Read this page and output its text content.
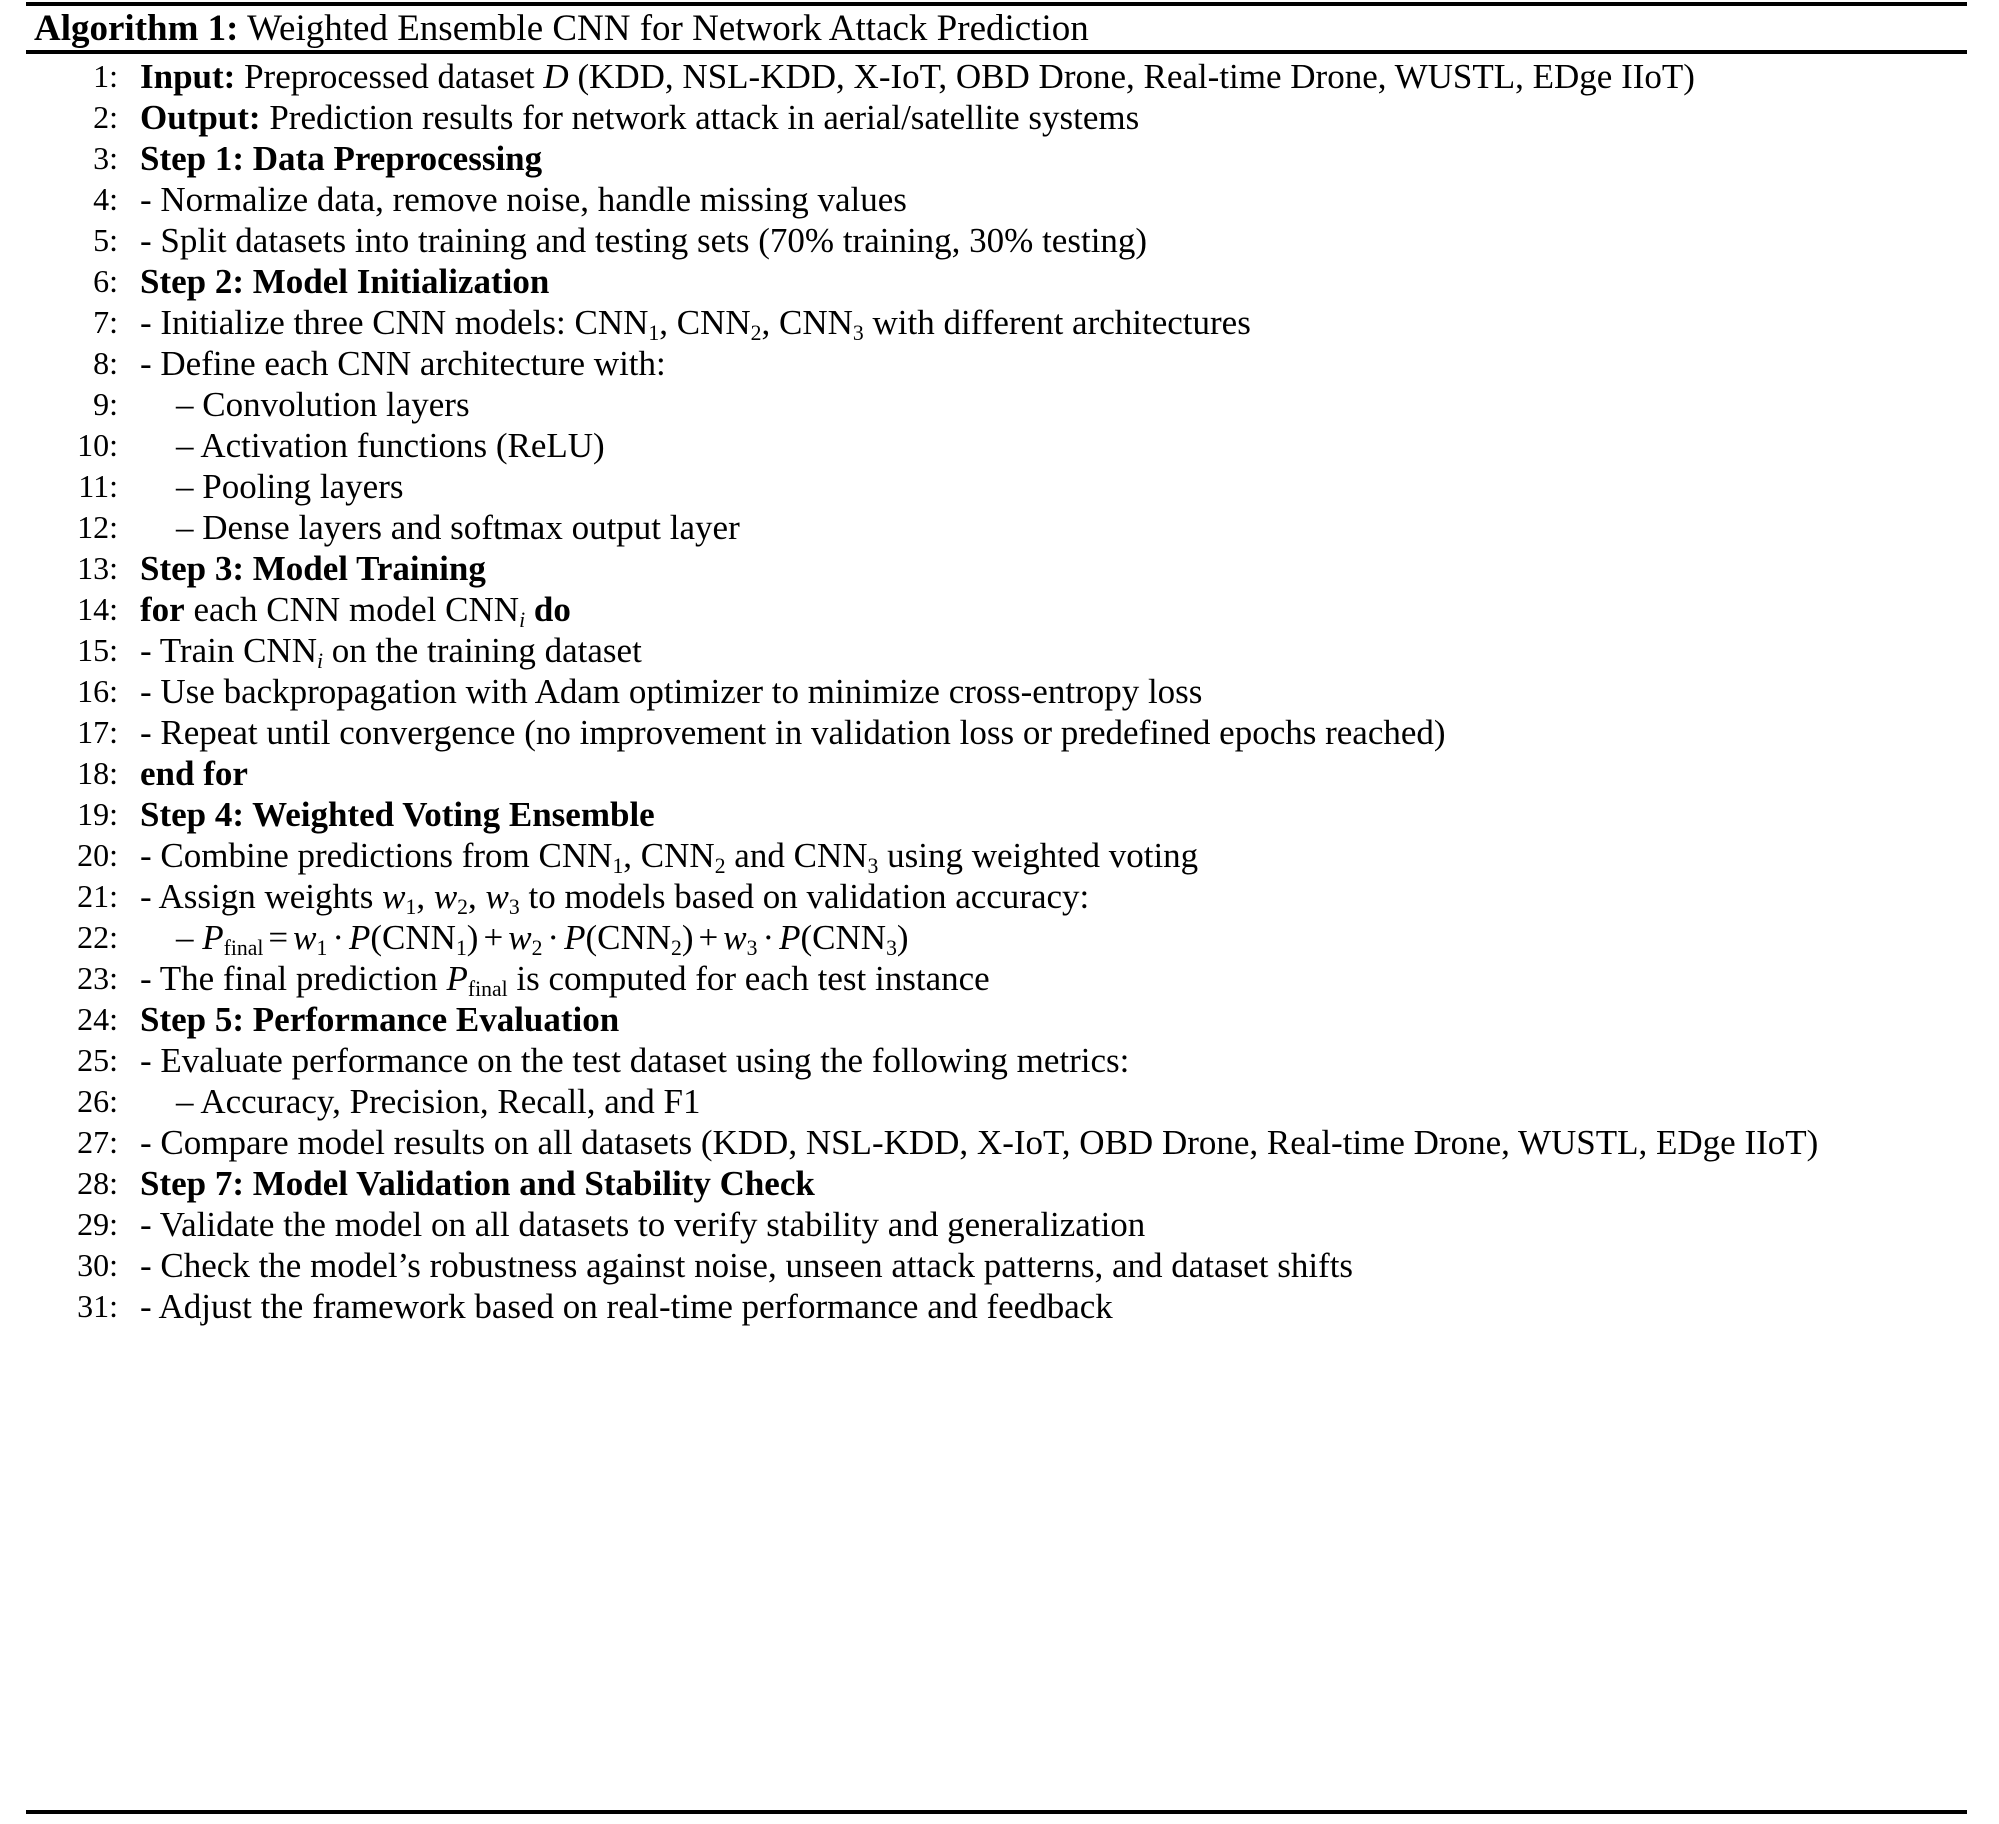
Algorithm 1: Weighted Ensemble CNN for Network Attack Prediction
1: Input: Preprocessed dataset D (KDD, NSL-KDD, X-IoT, OBD Drone, Real-time Drone, WUSTL, EDge IIoT)
2: Output: Prediction results for network attack in aerial/satellite systems
3: Step 1: Data Preprocessing
4: - Normalize data, remove noise, handle missing values
5: - Split datasets into training and testing sets (70% training, 30% testing)
6: Step 2: Model Initialization
7: - Initialize three CNN models: $CNN_1$, $CNN_2$, $CNN_3$ with different architectures
8: - Define each CNN architecture with:
9:	– Convolution layers
10:	– Activation functions (ReLU)
11:	– Pooling layers
12:	– Dense layers and softmax output layer
13: Step 3: Model Training
14: for each CNN model $CNN_i$ do
15: - Train $CNN_i$ on the training dataset
16: - Use backpropagation with Adam optimizer to minimize cross-entropy loss
17: - Repeat until convergence (no improvement in validation loss or predefined epochs reached)
18: end for
19: Step 4: Weighted Voting Ensemble
20: - Combine predictions from $CNN_1$, $CNN_2$ and $CNN_3$ using weighted voting
21: - Assign weights $w_1$, $w_2$, $w_3$ to models based on validation accuracy:
22:	– $P_{final} = w_1 \cdot P(CNN_1) + w_2 \cdot P(CNN_2) + w_3 \cdot P(CNN_3)$
23: - The final prediction $P_{final}$ is computed for each test instance
24: Step 5: Performance Evaluation
25: - Evaluate performance on the test dataset using the following metrics:
26:	– Accuracy, Precision, Recall, and F1
27: - Compare model results on all datasets (KDD, NSL-KDD, X-IoT, OBD Drone, Real-time Drone, WUSTL, EDge IIoT)
28: Step 7: Model Validation and Stability Check
29: - Validate the model on all datasets to verify stability and generalization
30: - Check the model’s robustness against noise, unseen attack patterns, and dataset shifts
31: - Adjust the framework based on real-time performance and feedback
